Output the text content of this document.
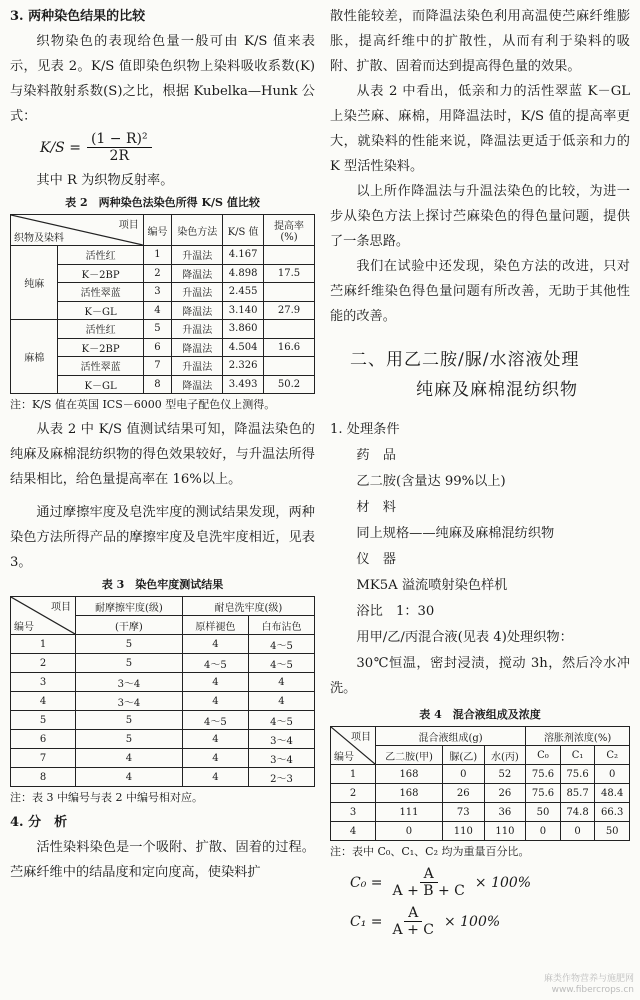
3. 两种染色结果的比较

织物染色的表现给色量一般可由 K/S 值来表示，见表 2。K/S 值即染色织物上染料吸收系数(K)与染料散射系数(S)之比，根据 Kubelka—Hunk 公式：

$K/S = \frac{\text{(1 − R)²}}{2R}$

其中 R 为织物反射率。

表 2　两种染色法染色所得 K/S 值比较
项目
织物及染料		编号	染色方法	K/S 值	提高率(%)
纯麻	活性红	1	升温法	4.167	
	K－2BP	2	降温法	4.898	17.5
	活性翠蓝	3	升温法	2.455	
	K－GL	4	降温法	3.140	27.9
麻棉	活性红	5	升温法	3.860	
	K－2BP	6	降温法	4.504	16.6
	活性翠蓝	7	升温法	2.326	
	K－GL	8	降温法	3.493	50.2
注：K/S 值在英国 ICS－6000 型电子配色仪上测得。

从表 2 中 K/S 值测试结果可知，降温法染色的纯麻及麻棉混纺织物的得色效果较好，与升温法所得结果相比，给色量提高率在 16%以上。

通过摩擦牢度及皂洗牢度的测试结果发现，两种染色方法所得产品的摩擦牢度及皂洗牢度相近，见表 3。

表 3　染色牢度测试结果
项目
编号	耐摩擦牢度(级)	耐皂洗牢度(级)	
	(干摩)	原样褪色	白布沾色
1	5	4	4～5
2	5	4～5	4～5
3	3～4	4	4
4	3～4	4	4
5	5	4～5	4～5
6	5	4	3～4
7	4	4	3～4
8	4	4	2～3
注：表 3 中编号与表 2 中编号相对应。

4. 分　析

活性染料染色是一个吸附、扩散、固着的过程。苎麻纤维中的结晶度和定向度高，使染料扩

散性能较差，而降温法染色利用高温使苎麻纤维膨胀，提高纤维中的扩散性，从而有利于染料的吸附、扩散、固着而达到提高得色量的效果。

从表 2 中看出，低亲和力的活性翠蓝 K－GL 上染苎麻、麻棉，用降温法时，K/S 值的提高率更大，就染料的性能来说，降温法更适于低亲和力的 K 型活性染料。

以上所作降温法与升温法染色的比较，为进一步从染色方法上探讨苎麻染色的得色量问题，提供了一条思路。

我们在试验中还发现，染色方法的改进，只对苎麻纤维染色得色量问题有所改善，无助于其他性能的改善。

二、用乙二胺/脲/水溶液处理

纯麻及麻棉混纺织物

1. 处理条件

药　品

乙二胺(含量达 99%以上)

材　料

同上规格——纯麻及麻棉混纺织物

仪　器

MK5A 溢流喷射染色样机

浴比　1：30

用甲/乙/丙混合液(见表 4)处理织物：

30℃恒温，密封浸渍，搅动 3h，然后冷水冲洗。

表 4　混合液组成及浓度
项目
编号	混合液组成(g)			溶胀剂浓度(%)		
	乙二胺(甲)	脲(乙)	水(丙)	C₀	C₁	C₂
1	168	0	52	75.6	75.6	0
2	168	26	26	75.6	85.7	48.4
3	111	73	36	50	74.8	66.3
4	0	110	110	0	0	50
注：表中 C₀、C₁、C₂ 均为重量百分比。
$C_0 = \frac{A}{A + B + C} \times 100\%$
$C_1 = \frac{A}{A + C} \times 100\%$
麻类作物营养与施肥网
www.fibercrops.cn
